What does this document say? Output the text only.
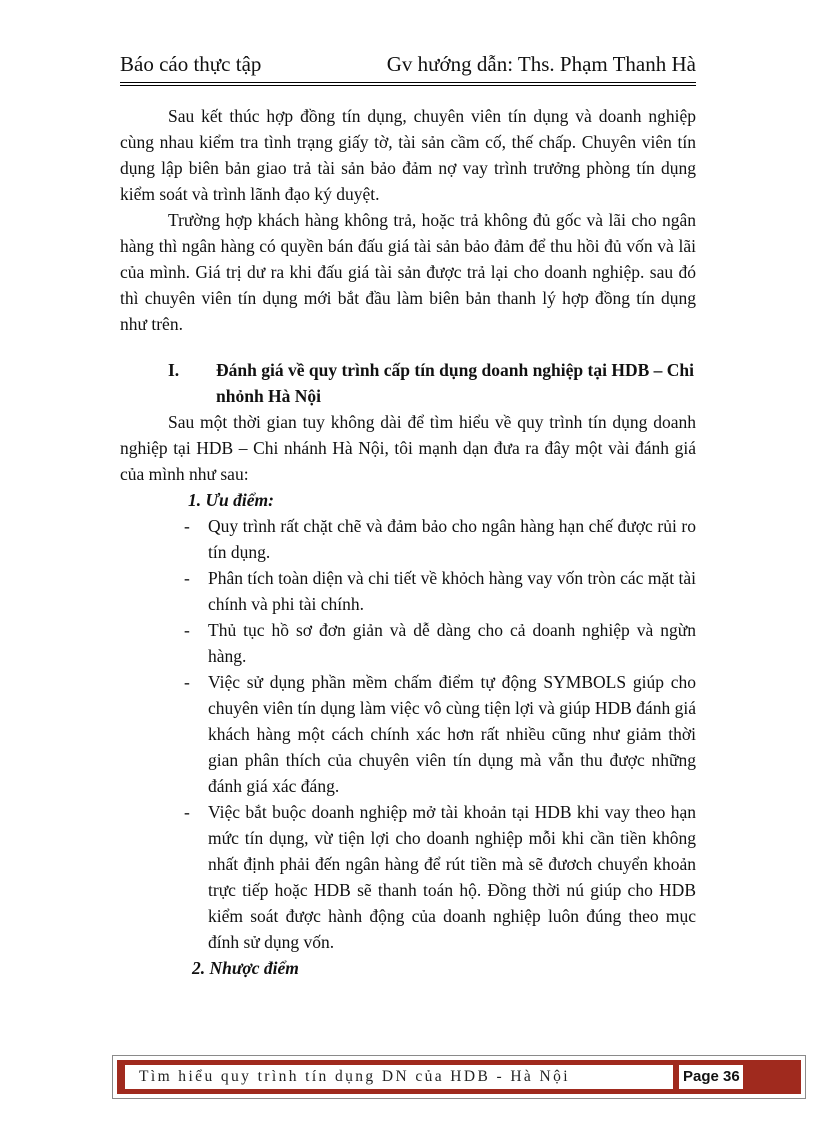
Báo cáo thực tập	Gv hướng dẫn: Ths. Phạm Thanh Hà

Sau kết thúc hợp đồng tín dụng, chuyên viên tín dụng và doanh nghiệp cùng nhau kiểm tra tình trạng giấy tờ, tài sản cầm cố, thế chấp. Chuyên viên tín dụng lập biên bản giao trả tài sản bảo đảm nợ vay trình trưởng phòng tín dụng kiểm soát và trình lãnh đạo ký duyệt.

Trường hợp khách hàng không trả, hoặc trả không đủ gốc và lãi cho ngân hàng thì ngân hàng có quyền bán đấu giá tài sản bảo đảm để thu hồi đủ vốn và lãi của mình. Giá trị dư ra khi đấu giá tài sản được trả lại cho doanh nghiệp. sau đó thì chuyên viên tín dụng mới bắt đầu làm biên bản thanh lý hợp đồng tín dụng như trên.

I.	Đánh giá về quy trình cấp tín dụng doanh nghiệp tại HDB – Chi nhỏnh Hà Nội

Sau một thời gian tuy không dài để tìm hiểu về quy trình tín dụng doanh nghiệp tại HDB – Chi nhánh Hà Nội, tôi mạnh dạn đưa ra đây một vài đánh giá của mình như sau:

1. Ưu điểm:

- Quy trình rất chặt chẽ và đảm bảo cho ngân hàng hạn chế được rủi ro tín dụng.
- Phân tích toàn diện và chi tiết về khỏch hàng vay vốn tròn các mặt tài chính và phi tài chính.
- Thủ tục hồ sơ đơn giản và dễ dàng cho cả doanh nghiệp và ngừn hàng.
- Việc sử dụng phần mềm chấm điểm tự động SYMBOLS giúp cho chuyên viên tín dụng làm việc vô cùng tiện lợi và giúp HDB đánh giá khách hàng một cách chính xác hơn rất nhiều cũng như giảm thời gian phân thích của chuyên viên tín dụng mà vẫn thu được những đánh giá xác đáng.
- Việc bắt buộc doanh nghiệp mở tài khoản tại HDB khi vay theo hạn mức tín dụng, vừ tiện lợi cho doanh nghiệp mỗi khi cần tiền không nhất định phải đến ngân hàng để rút tiền mà sẽ đươch chuyển khoản trực tiếp hoặc HDB sẽ thanh toán hộ. Đồng thời nú giúp cho HDB kiểm soát được hành động của doanh nghiệp luôn đúng theo mục đính sử dụng vốn.

2. Nhược điểm

Tìm hiểu quy trình tín dụng DN của HDB - Hà Nội	Page 36
